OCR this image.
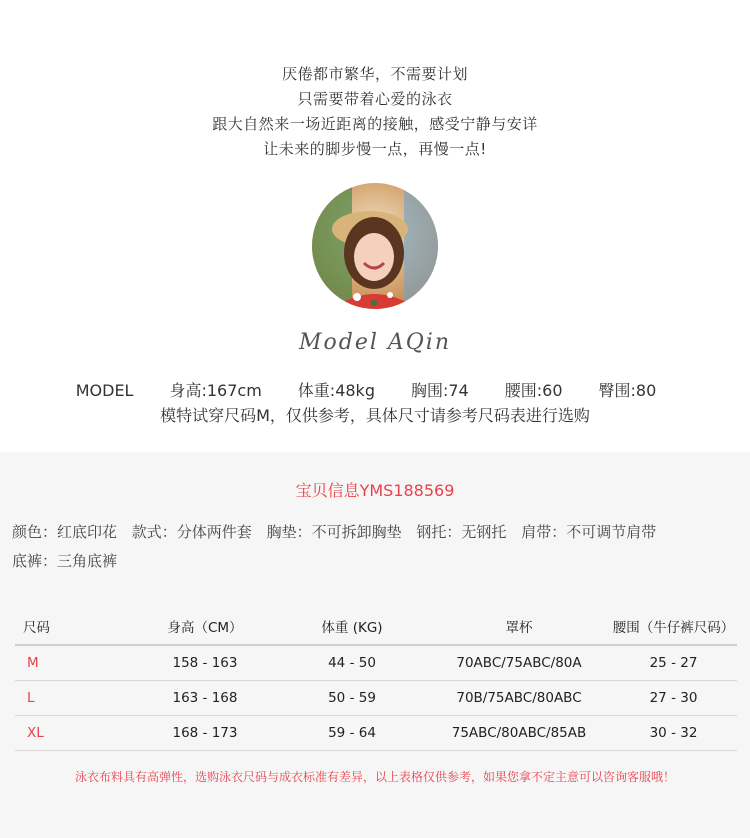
厌倦都市繁华，不需要计划
只需要带着心爱的泳衣
跟大自然来一场近距离的接触，感受宁静与安详
让未来的脚步慢一点，再慢一点!
Model AQin
MODEL 身高:167cm 体重:48kg 胸围:74 腰围:60 臀围:80
模特试穿尺码M，仅供参考，具体尺寸请参考尺码表进行选购
宝贝信息YMS188569
颜色：红底印花 款式：分体两件套 胸垫：不可拆卸胸垫 钢托：无钢托 肩带：不可调节肩带
底裤：三角底裤
尺码	身高（CM）	体重 (KG)	罩杯	腰围（牛仔裤尺码）
M	158 - 163	44 - 50	70ABC/75ABC/80A	25 - 27
L	163 - 168	50 - 59	70B/75ABC/80ABC	27 - 30
XL	168 - 173	59 - 64	75ABC/80ABC/85AB	30 - 32
泳衣布料具有高弹性，选购泳衣尺码与成衣标准有差异，以上表格仅供参考，如果您拿不定主意可以咨询客服哦！
